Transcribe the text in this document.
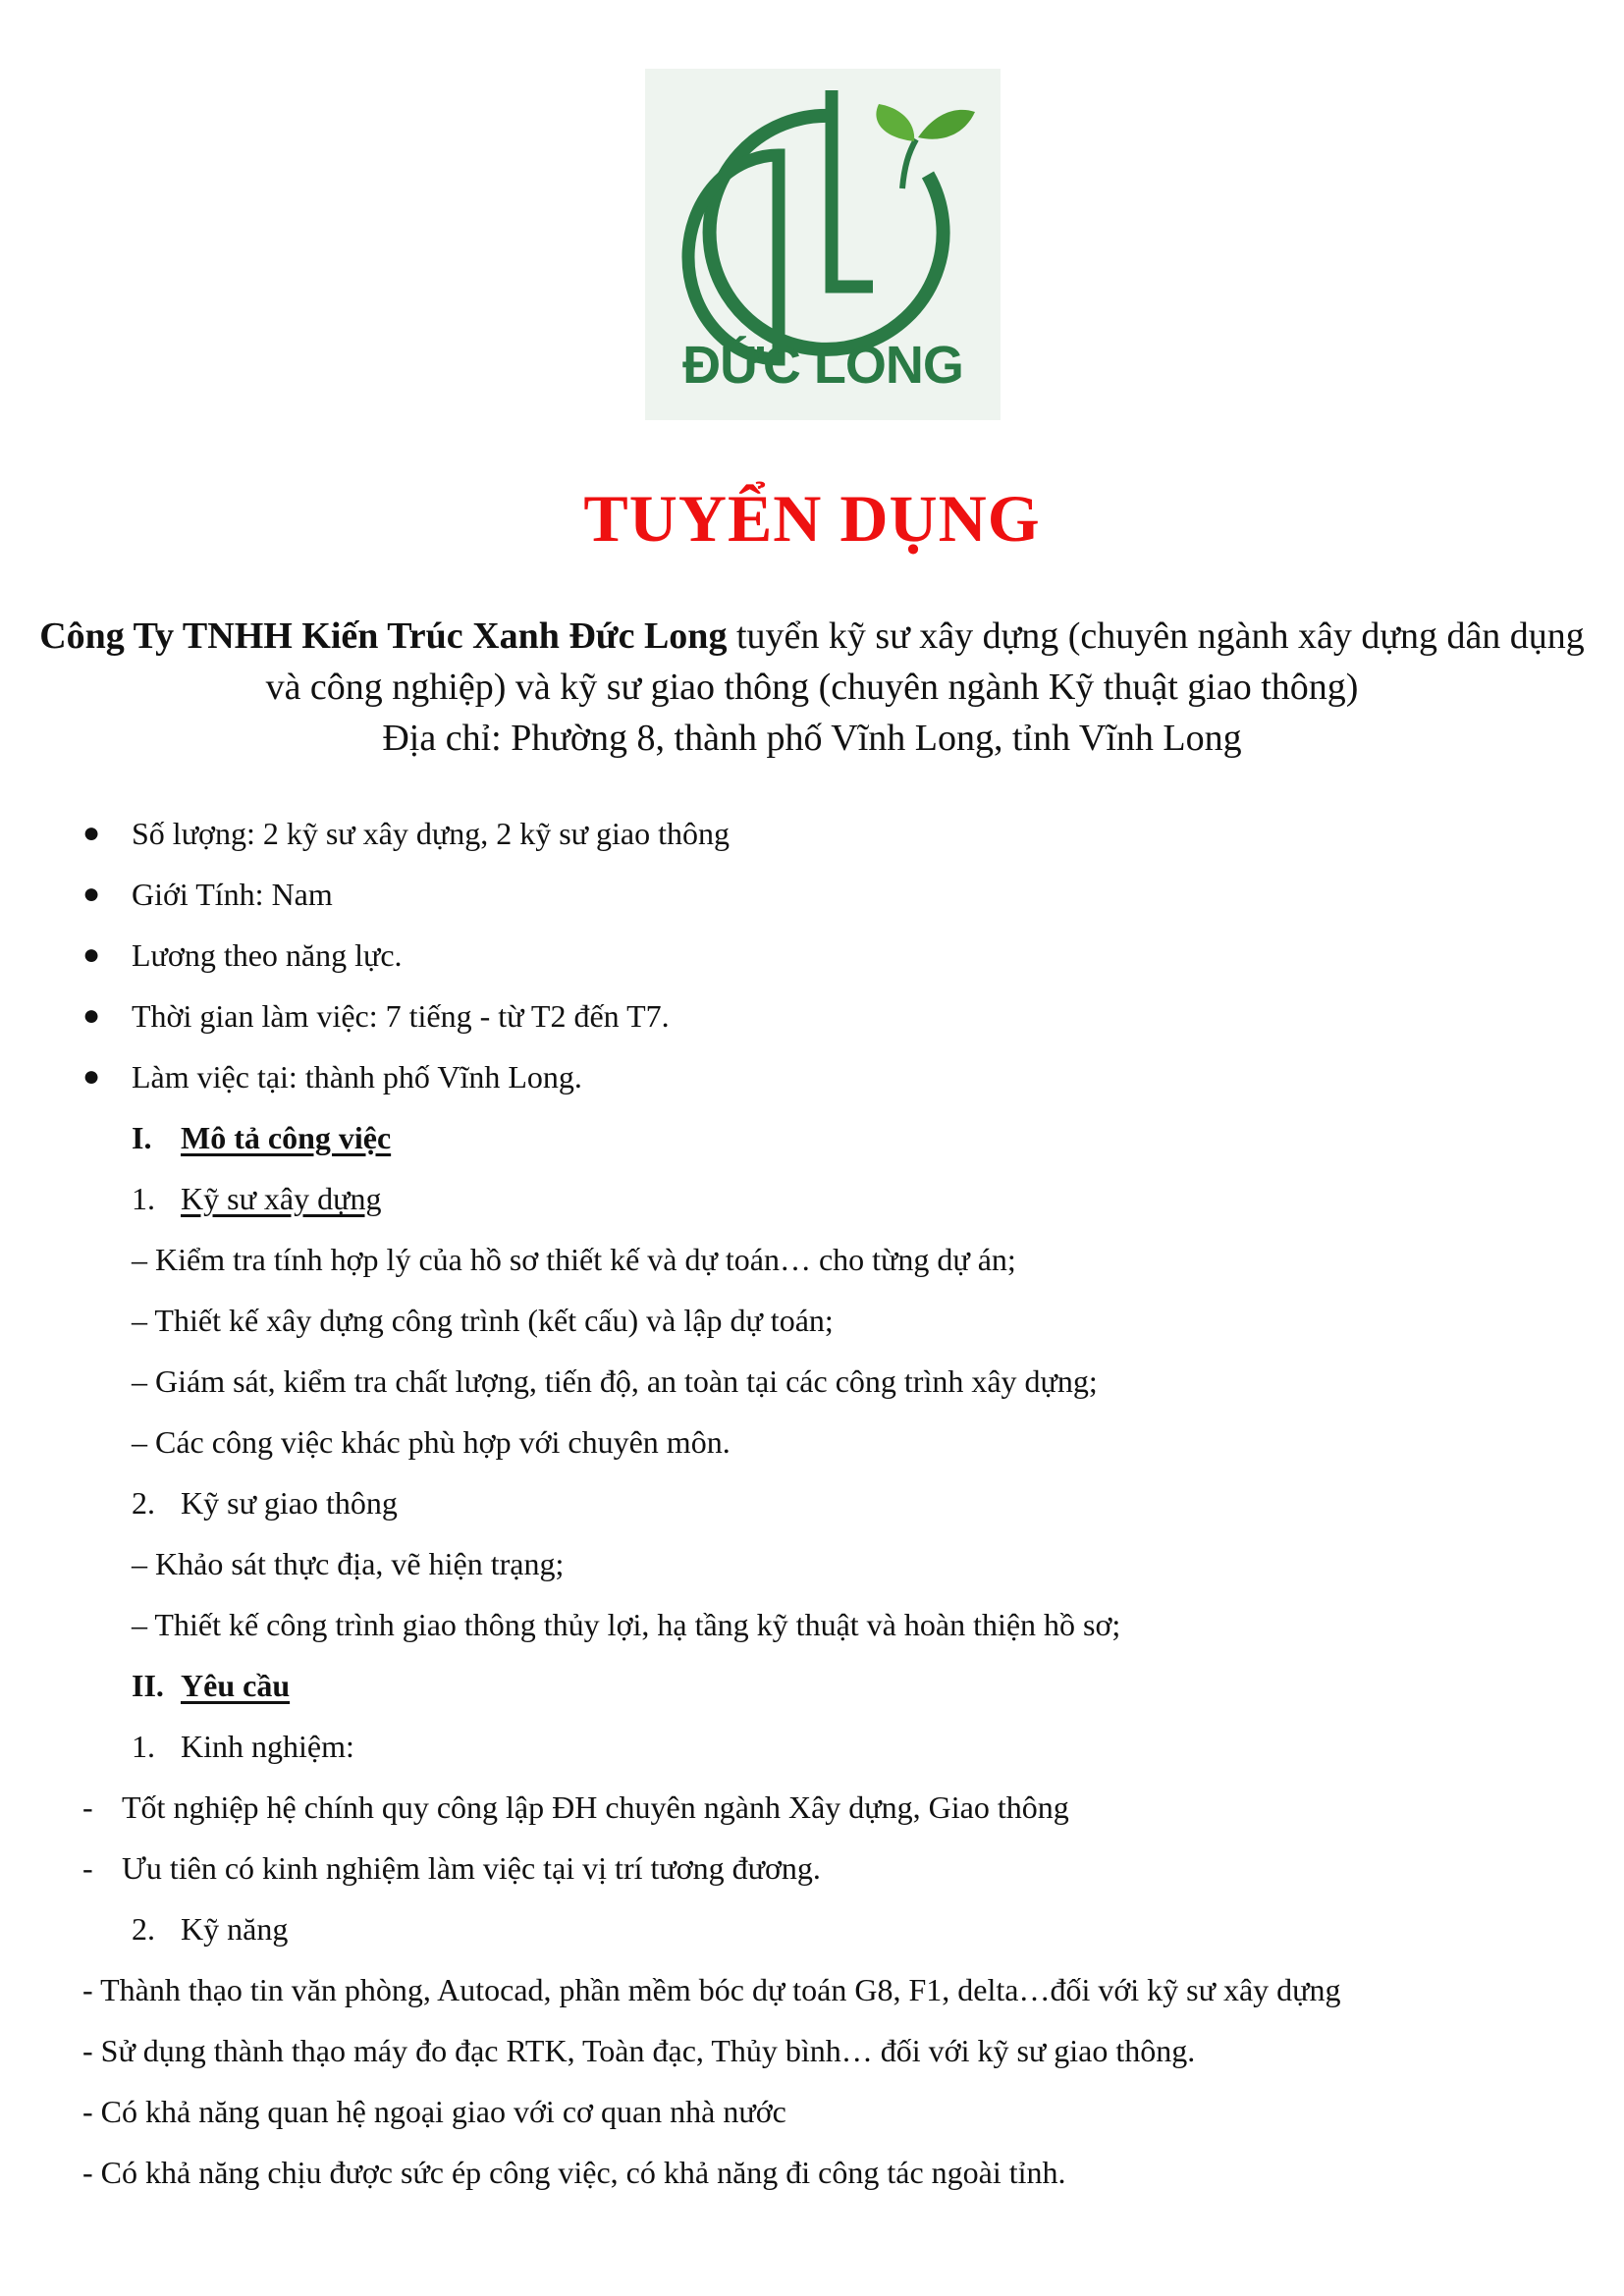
ĐỨC LONG
TUYỂN DỤNG

Công Ty TNHH Kiến Trúc Xanh Đức Long tuyển kỹ sư xây dựng (chuyên ngành xây dựng dân dụng và công nghiệp) và kỹ sư giao thông (chuyên ngành Kỹ thuật giao thông)
Địa chỉ: Phường 8, thành phố Vĩnh Long, tỉnh Vĩnh Long

● Số lượng: 2 kỹ sư xây dựng, 2 kỹ sư giao thông
● Giới Tính: Nam
● Lương theo năng lực.
● Thời gian làm việc: 7 tiếng - từ T2 đến T7.
● Làm việc tại: thành phố Vĩnh Long.
I. Mô tả công việc
1. Kỹ sư xây dựng
– Kiểm tra tính hợp lý của hồ sơ thiết kế và dự toán… cho từng dự án;
– Thiết kế xây dựng công trình (kết cấu) và lập dự toán;
– Giám sát, kiểm tra chất lượng, tiến độ, an toàn tại các công trình xây dựng;
– Các công việc khác phù hợp với chuyên môn.
2. Kỹ sư giao thông
– Khảo sát thực địa, vẽ hiện trạng;
– Thiết kế công trình giao thông thủy lợi, hạ tầng kỹ thuật và hoàn thiện hồ sơ;
II. Yêu cầu
1. Kinh nghiệm:
- Tốt nghiệp hệ chính quy công lập ĐH chuyên ngành Xây dựng, Giao thông
- Ưu tiên có kinh nghiệm làm việc tại vị trí tương đương.
2. Kỹ năng
- Thành thạo tin văn phòng, Autocad, phần mềm bóc dự toán G8, F1, delta…đối với kỹ sư xây dựng
- Sử dụng thành thạo máy đo đạc RTK, Toàn đạc, Thủy bình… đối với kỹ sư giao thông.
- Có khả năng quan hệ ngoại giao với cơ quan nhà nước
- Có khả năng chịu được sức ép công việc, có khả năng đi công tác ngoài tỉnh.
